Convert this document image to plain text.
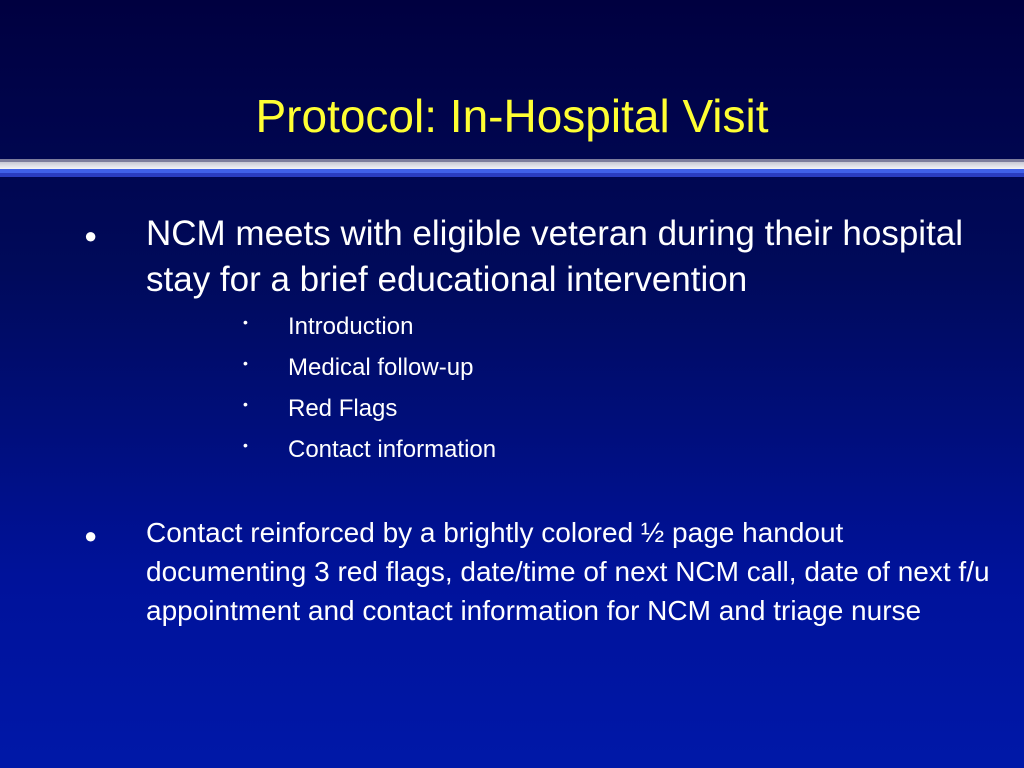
Protocol: In-Hospital Visit
● NCM meets with eligible veteran during their hospital stay for a brief educational intervention

• Introduction
• Medical follow-up
• Red Flags
• Contact information
● Contact reinforced by a brightly colored ½ page handout documenting 3 red flags, date/time of next NCM call, date of next f/u appointment and contact information for NCM and triage nurse
